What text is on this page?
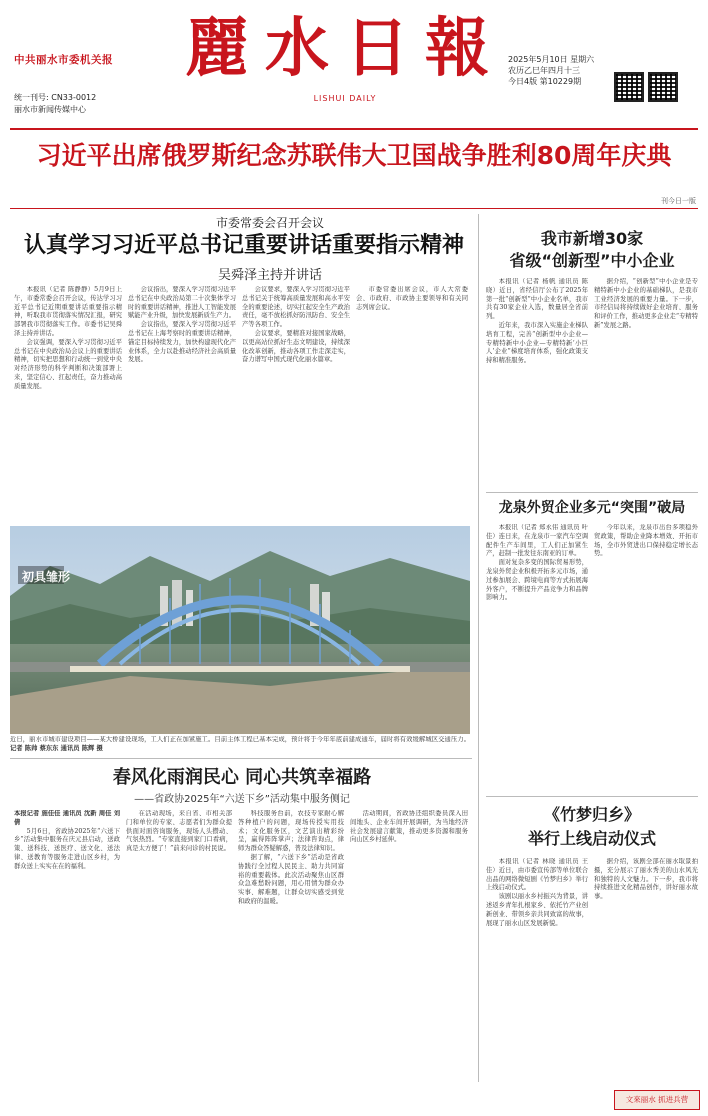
中共丽水市委机关报
统一刊号: CN33-0012
丽水市新闻传媒中心
麗水日報
LISHUI DAILY
2025年5月10日 星期六
农历乙巳年四月十三
今日4版 第10229期
习近平出席俄罗斯纪念苏联伟大卫国战争胜利80周年庆典
刊今日一版
市委常委会召开会议
认真学习习近平总书记重要讲话重要指示精神
吴舜泽主持并讲话

本报讯（记者 陈静静）5月9日上午，市委常委会召开会议，传达学习习近平总书记近期重要讲话重要指示精神，听取我市贯彻落实情况汇报，研究部署我市贯彻落实工作。市委书记吴舜泽主持并讲话。

会议强调，要深入学习贯彻习近平总书记在中央政治局会议上的重要讲话精神，切实把思想和行动统一到党中央对经济形势的科学判断和决策部署上来，坚定信心、扛起责任，奋力推动高质量发展。

会议指出，要深入学习贯彻习近平总书记在中央政治局第二十次集体学习时的重要讲话精神，推进人工智能发展赋能产业升级，加快发展新质生产力。

会议指出，要深入学习贯彻习近平总书记在上海考察时的重要讲话精神，锚定目标持续发力，加快构建现代化产业体系，全力以赴推动经济社会高质量发展。

会议要求，要深入学习贯彻习近平总书记关于统筹高质量发展和高水平安全的重要论述，切实扛起安全生产政治责任，毫不放松抓好防汛防台、安全生产等各项工作。

会议要求，要精准对接国家战略，以更高站位抓好生态文明建设，持续深化改革创新，推动各项工作走深走实，奋力谱写中国式现代化丽水篇章。

市委常委出席会议，市人大常委会、市政府、市政协主要领导和有关同志列席会议。

我市新增30家
省级“创新型”中小企业

本报讯（记者 杨帆 通讯员 陈晓）近日，省经信厅公布了2025年第一批“创新型”中小企业名单，我市共有30家企业入选，数量居全省前列。

近年来，我市深入实施企业梯队培育工程，完善“创新型中小企业—专精特新中小企业—专精特新‘小巨人’企业”梯度培育体系，强化政策支持和精准服务。

据介绍，“创新型”中小企业是专精特新中小企业的基础梯队，是我市工业经济发展的重要力量。下一步，市经信局将持续做好企业培育、服务和评价工作，推动更多企业走“专精特新”发展之路。

龙泉外贸企业多元“突围”破局

本报讯（记者 郑永伟 通讯员 叶佳）连日来，在龙泉市一家汽车空调配件生产车间里，工人们正加紧生产，赶制一批发往东南亚的订单。

面对复杂多变的国际贸易形势，龙泉外贸企业积极开拓多元市场，通过参加展会、跨境电商等方式拓展海外客户，不断提升产品竞争力和品牌影响力。

今年以来，龙泉市出台多项稳外贸政策，帮助企业降本增效、开拓市场，全市外贸进出口保持稳定增长态势。

初具雏形
近日，丽水市城市建设项目——某大桥建设现场，工人们正在加紧施工。目前主体工程已基本完成，预计将于今年年底前建成通车，届时将有效缓解城区交通压力。 记者 陈帅 蔡东东 通讯员 陈辉 摄
春风化雨润民心 同心共筑幸福路
——省政协2025年“六送下乡”活动集中服务侧记

本报记者 施佳佳 通讯员 沈新 周佳 刘倩

5月6日，省政协2025年“六送下乡”活动集中服务在庆元县启动，送政策、送科技、送医疗、送文化、送法律、送教育等服务走进山区乡村，为群众送上实实在在的福利。

在活动现场，来自省、市相关部门和单位的专家、志愿者们为群众提供面对面咨询服务，现场人头攒动、气氛热烈。“专家直接到家门口看病，真是太方便了！”前来问诊的村民说。

科技服务台前，农技专家耐心解答种植户的问题，现场传授实用技术；文化服务区，文艺演出精彩纷呈，赢得阵阵掌声；法律咨询点，律师为群众答疑解惑，普及法律知识。

据了解，“六送下乡”活动是省政协践行全过程人民民主、助力共同富裕的重要载体。此次活动聚焦山区群众急难愁盼问题，用心用情为群众办实事、解难题，让群众切实感受到党和政府的温暖。

活动期间，省政协还组织委员深入田间地头、企业车间开展调研，为当地经济社会发展建言献策，推动更多资源和服务向山区乡村延伸。

《竹梦归乡》
举行上线启动仪式

本报讯（记者 林晓 通讯员 王佳）近日，由市委宣传部等单位联合出品的网络微短剧《竹梦归乡》举行上线启动仪式。

该剧以丽水乡村振兴为背景，讲述返乡青年扎根家乡、依托竹产业创新创业、带领乡亲共同致富的故事，展现了丽水山区发展新貌。

据介绍，该剧全部在丽水取景拍摄，充分展示了丽水秀美的山水风光和独特的人文魅力。下一步，我市将持续推进文化精品创作，讲好丽水故事。

文來丽水 抓进兵营
